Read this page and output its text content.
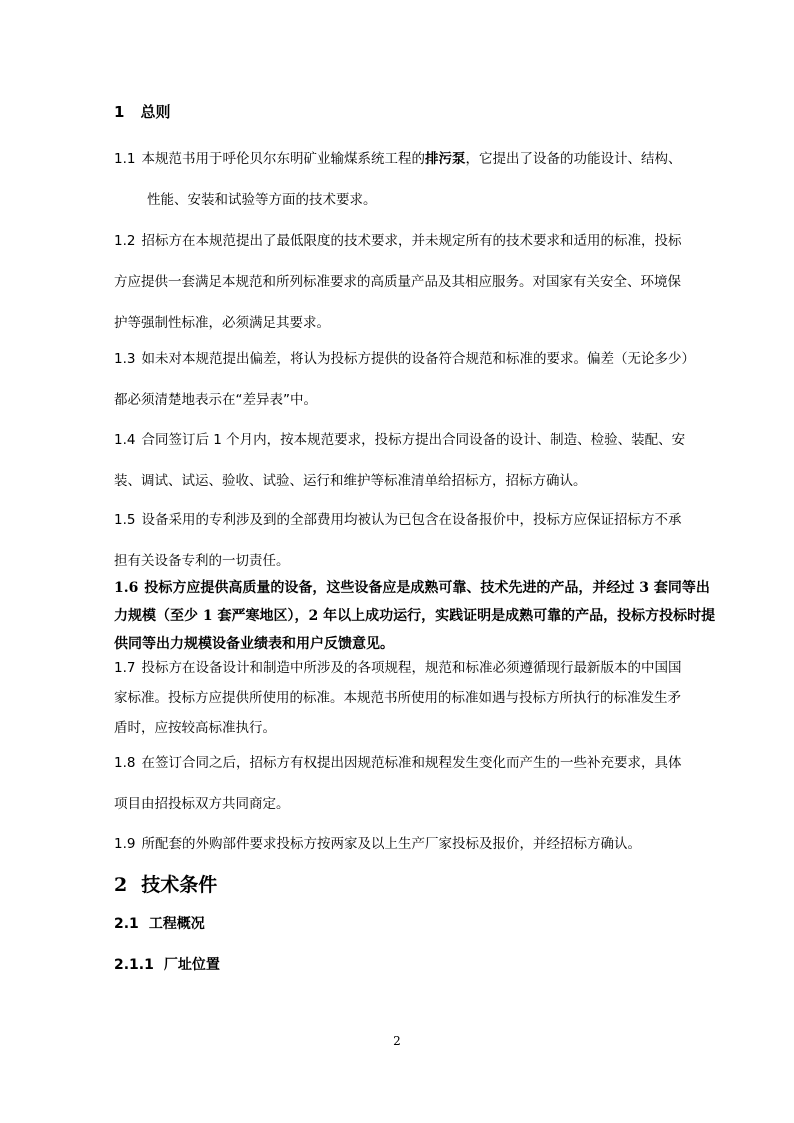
1 总则
1.1 本规范书用于呼伦贝尔东明矿业输煤系统工程的排污泵，它提出了设备的功能设计、结构、
性能、安装和试验等方面的技术要求。
1.2 招标方在本规范提出了最低限度的技术要求，并未规定所有的技术要求和适用的标准，投标
方应提供一套满足本规范和所列标准要求的高质量产品及其相应服务。对国家有关安全、环境保
护等强制性标准，必须满足其要求。
1.3 如未对本规范提出偏差，将认为投标方提供的设备符合规范和标准的要求。偏差（无论多少）
都必须清楚地表示在“差异表”中。
1.4 合同签订后 1 个月内，按本规范要求，投标方提出合同设备的设计、制造、检验、装配、安
装、调试、试运、验收、试验、运行和维护等标准清单给招标方，招标方确认。
1.5 设备采用的专利涉及到的全部费用均被认为已包含在设备报价中，投标方应保证招标方不承
担有关设备专利的一切责任。
1.6 投标方应提供高质量的设备，这些设备应是成熟可靠、技术先进的产品，并经过 3 套同等出
力规模（至少 1 套严寒地区），2 年以上成功运行，实践证明是成熟可靠的产品，投标方投标时提
供同等出力规模设备业绩表和用户反馈意见。
1.7 投标方在设备设计和制造中所涉及的各项规程，规范和标准必须遵循现行最新版本的中国国
家标准。投标方应提供所使用的标准。本规范书所使用的标准如遇与投标方所执行的标准发生矛
盾时，应按较高标准执行。
1.8 在签订合同之后，招标方有权提出因规范标准和规程发生变化而产生的一些补充要求，具体
项目由招投标双方共同商定。
1.9 所配套的外购部件要求投标方按两家及以上生产厂家投标及报价，并经招标方确认。
2 技术条件
2.1 工程概况
2.1.1 厂址位置
2
